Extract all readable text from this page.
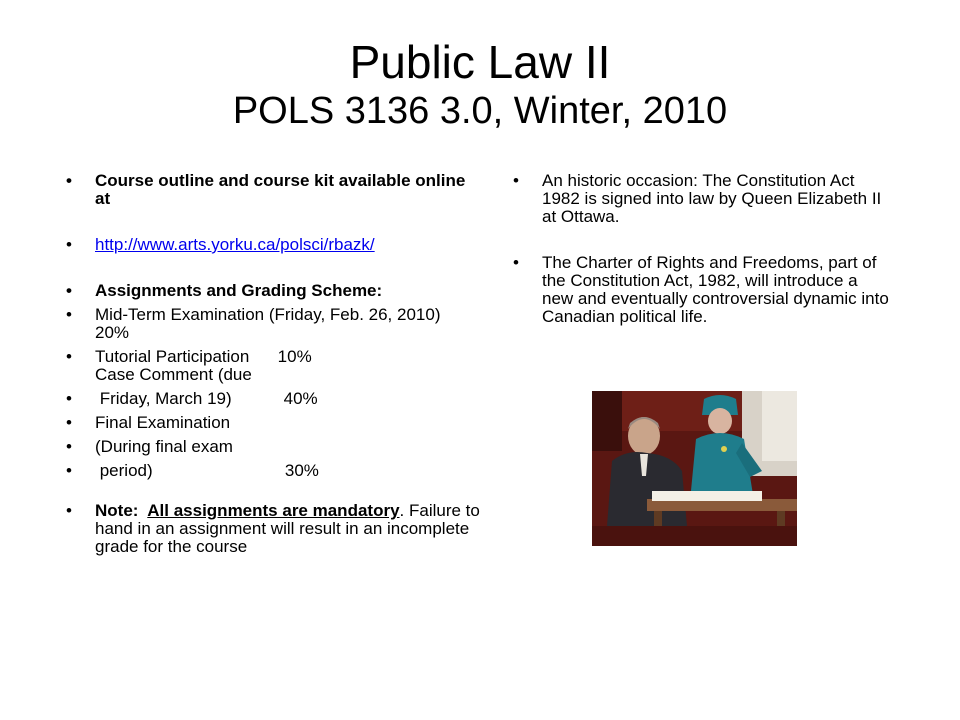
Public Law II
POLS 3136 3.0, Winter, 2010
• Course outline and course kit available online at
• http://www.arts.yorku.ca/polsci/rbazk/
• Assignments and Grading Scheme:
• Mid-Term Examination (Friday, Feb. 26, 2010)                 20%
• Tutorial Participation      10%
Case Comment (due
• Friday, March 19)           40%
• Final Examination
• (During final exam
• period)                            30%
• Note:  All assignments are mandatory. Failure to hand in an assignment will result in an incomplete grade for the course
• An historic occasion: The Constitution Act 1982 is signed into law by Queen Elizabeth II at Ottawa.
• The Charter of Rights and Freedoms, part of the Constitution Act, 1982, will introduce a new and eventually controversial dynamic into Canadian political life.
